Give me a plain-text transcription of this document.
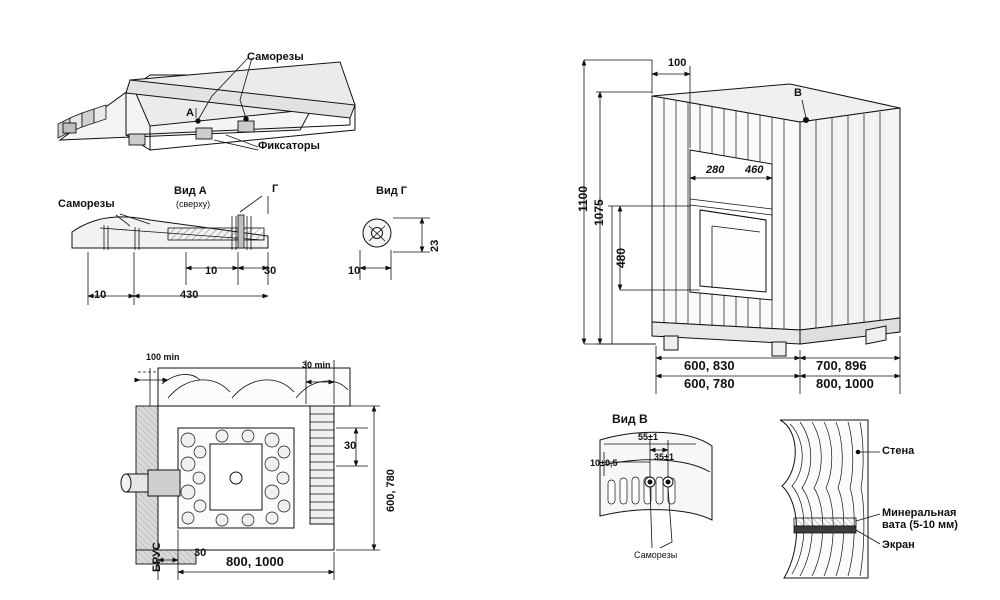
Саморезы
Фиксаторы
А
Вид А
(сверху)
Г
Саморезы
10	30
10	430
Вид Г
10
23
100 min
30 min
30
600, 780
30
800, 1000
БРУС
100
1100
1075
480
280 460
В
600, 830
600, 780
700, 896
800, 1000
Вид В
55±1
35±1
10±0,5
Саморезы
Стена
Минеральная
вата (5-10 мм)
Экран
